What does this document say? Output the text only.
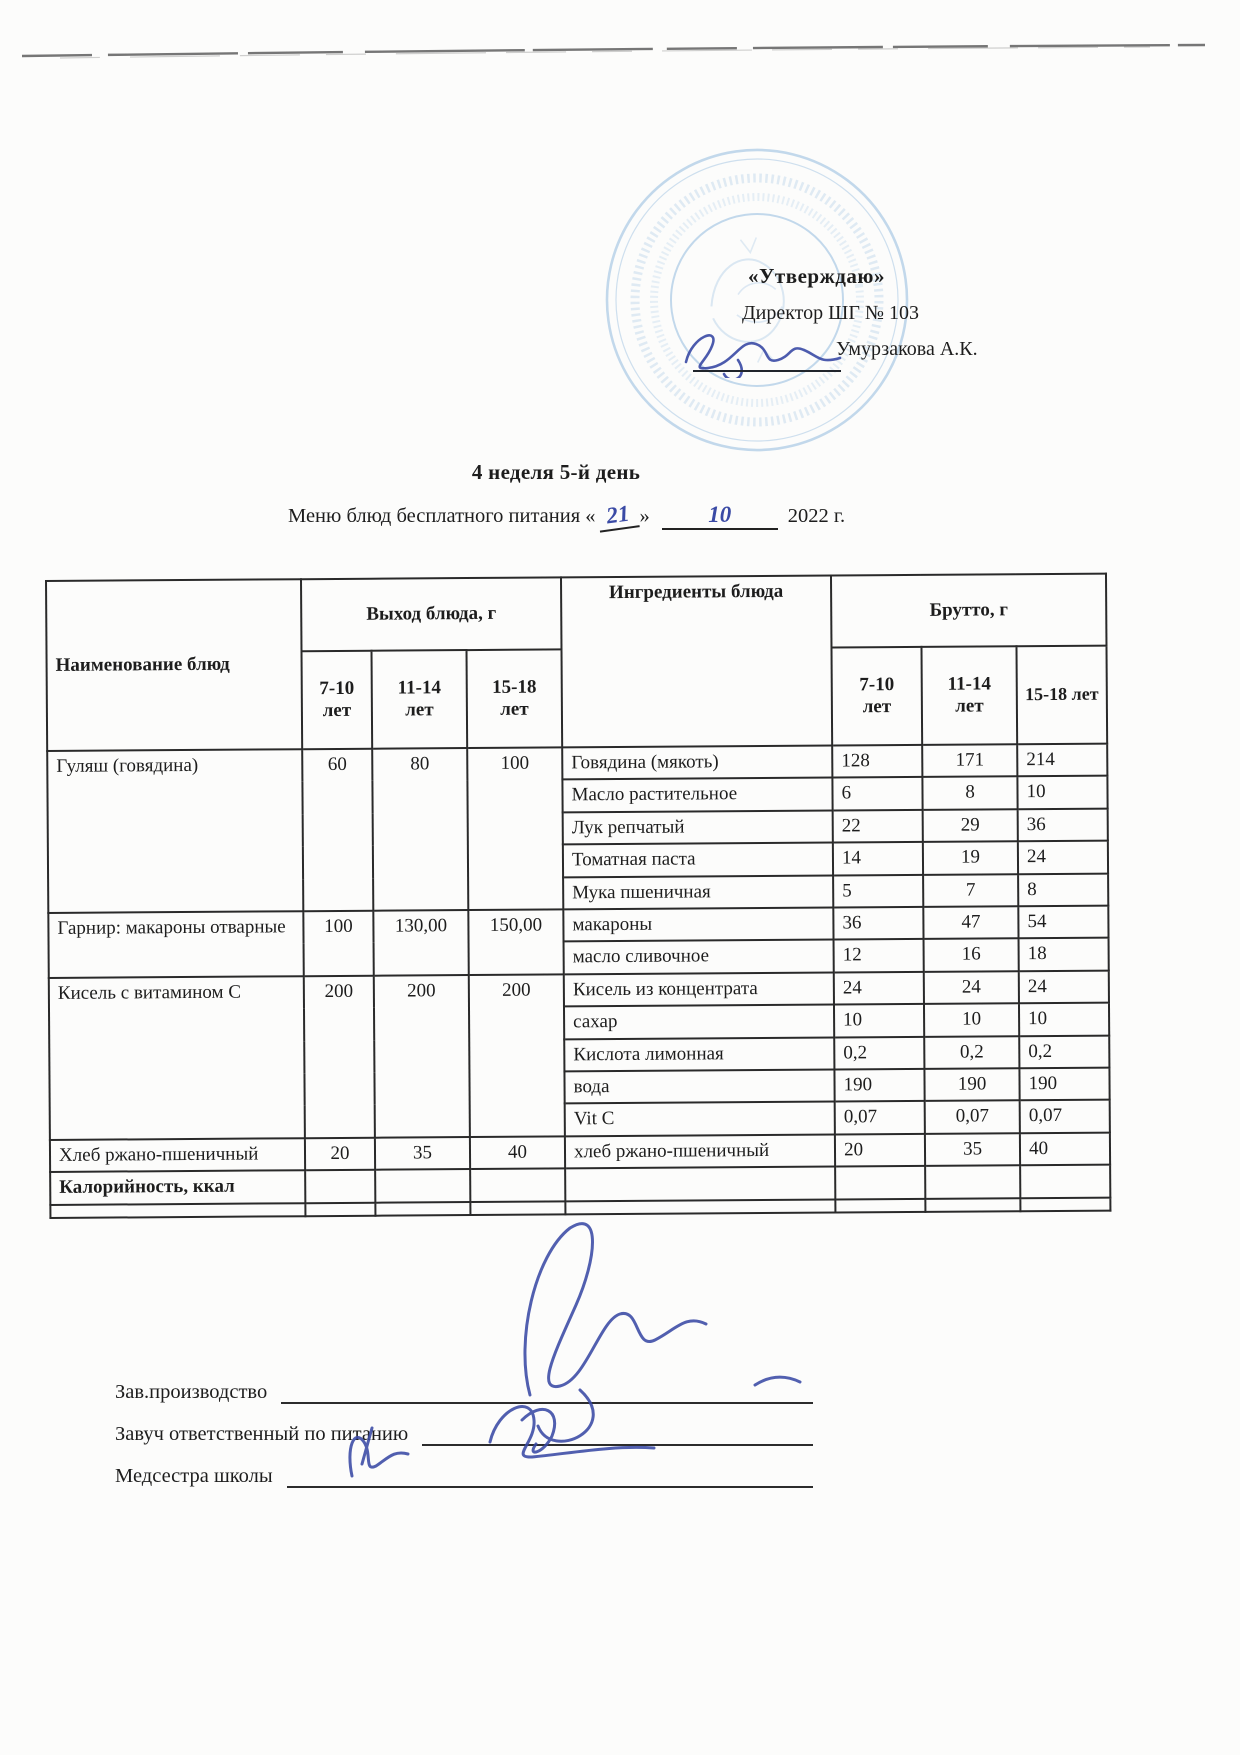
«Утверждаю»
Директор ШГ № 103
Умурзакова А.К.
4 неделя 5-й день
Меню блюд бесплатного питания « 21 »	10	2022 г.
Наименование блюд	Выход блюда, г			Ингредиенты блюда	Брутто, г		
	7-10 лет	11-14 лет	15-18 лет		7-10 лет	11-14 лет	15-18 лет
Гуляш (говядина)	60	80	100	Говядина (мякоть)	128	171	214
				Масло растительное	6	8	10
				Лук репчатый	22	29	36
				Томатная паста	14	19	24
				Мука пшеничная	5	7	8
Гарнир: макароны отварные	100	130,00	150,00	макароны	36	47	54
				масло сливочное	12	16	18
Кисель с витамином С	200	200	200	Кисель из концентрата	24	24	24
				сахар	10	10	10
				Кислота лимонная	0,2	0,2	0,2
				вода	190	190	190
				Vit C	0,07	0,07	0,07
Хлеб ржано-пшеничный	20	35	40	хлеб ржано-пшеничный	20	35	40
Калорийность, ккал							

Зав.производство
Завуч ответственный по питанию
Медсестра школы
